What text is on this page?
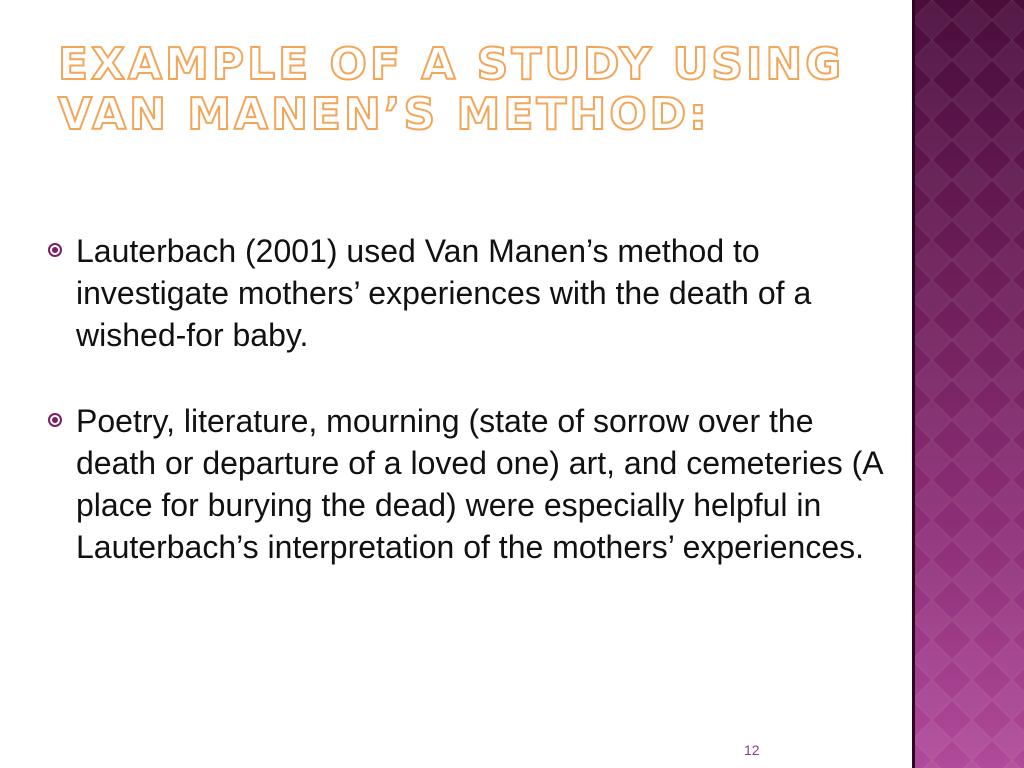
EXAMPLE OF A STUDY USING
VAN MANEN’S METHOD:
Lauterbach (2001) used Van Manen’s method to investigate mothers’ experiences with the death of a wished-for baby.
Poetry, literature, mourning (state of sorrow over the death or departure of a loved one) art, and cemeteries (A place for burying the dead) were especially helpful in Lauterbach’s interpretation of the mothers’ experiences.
12
